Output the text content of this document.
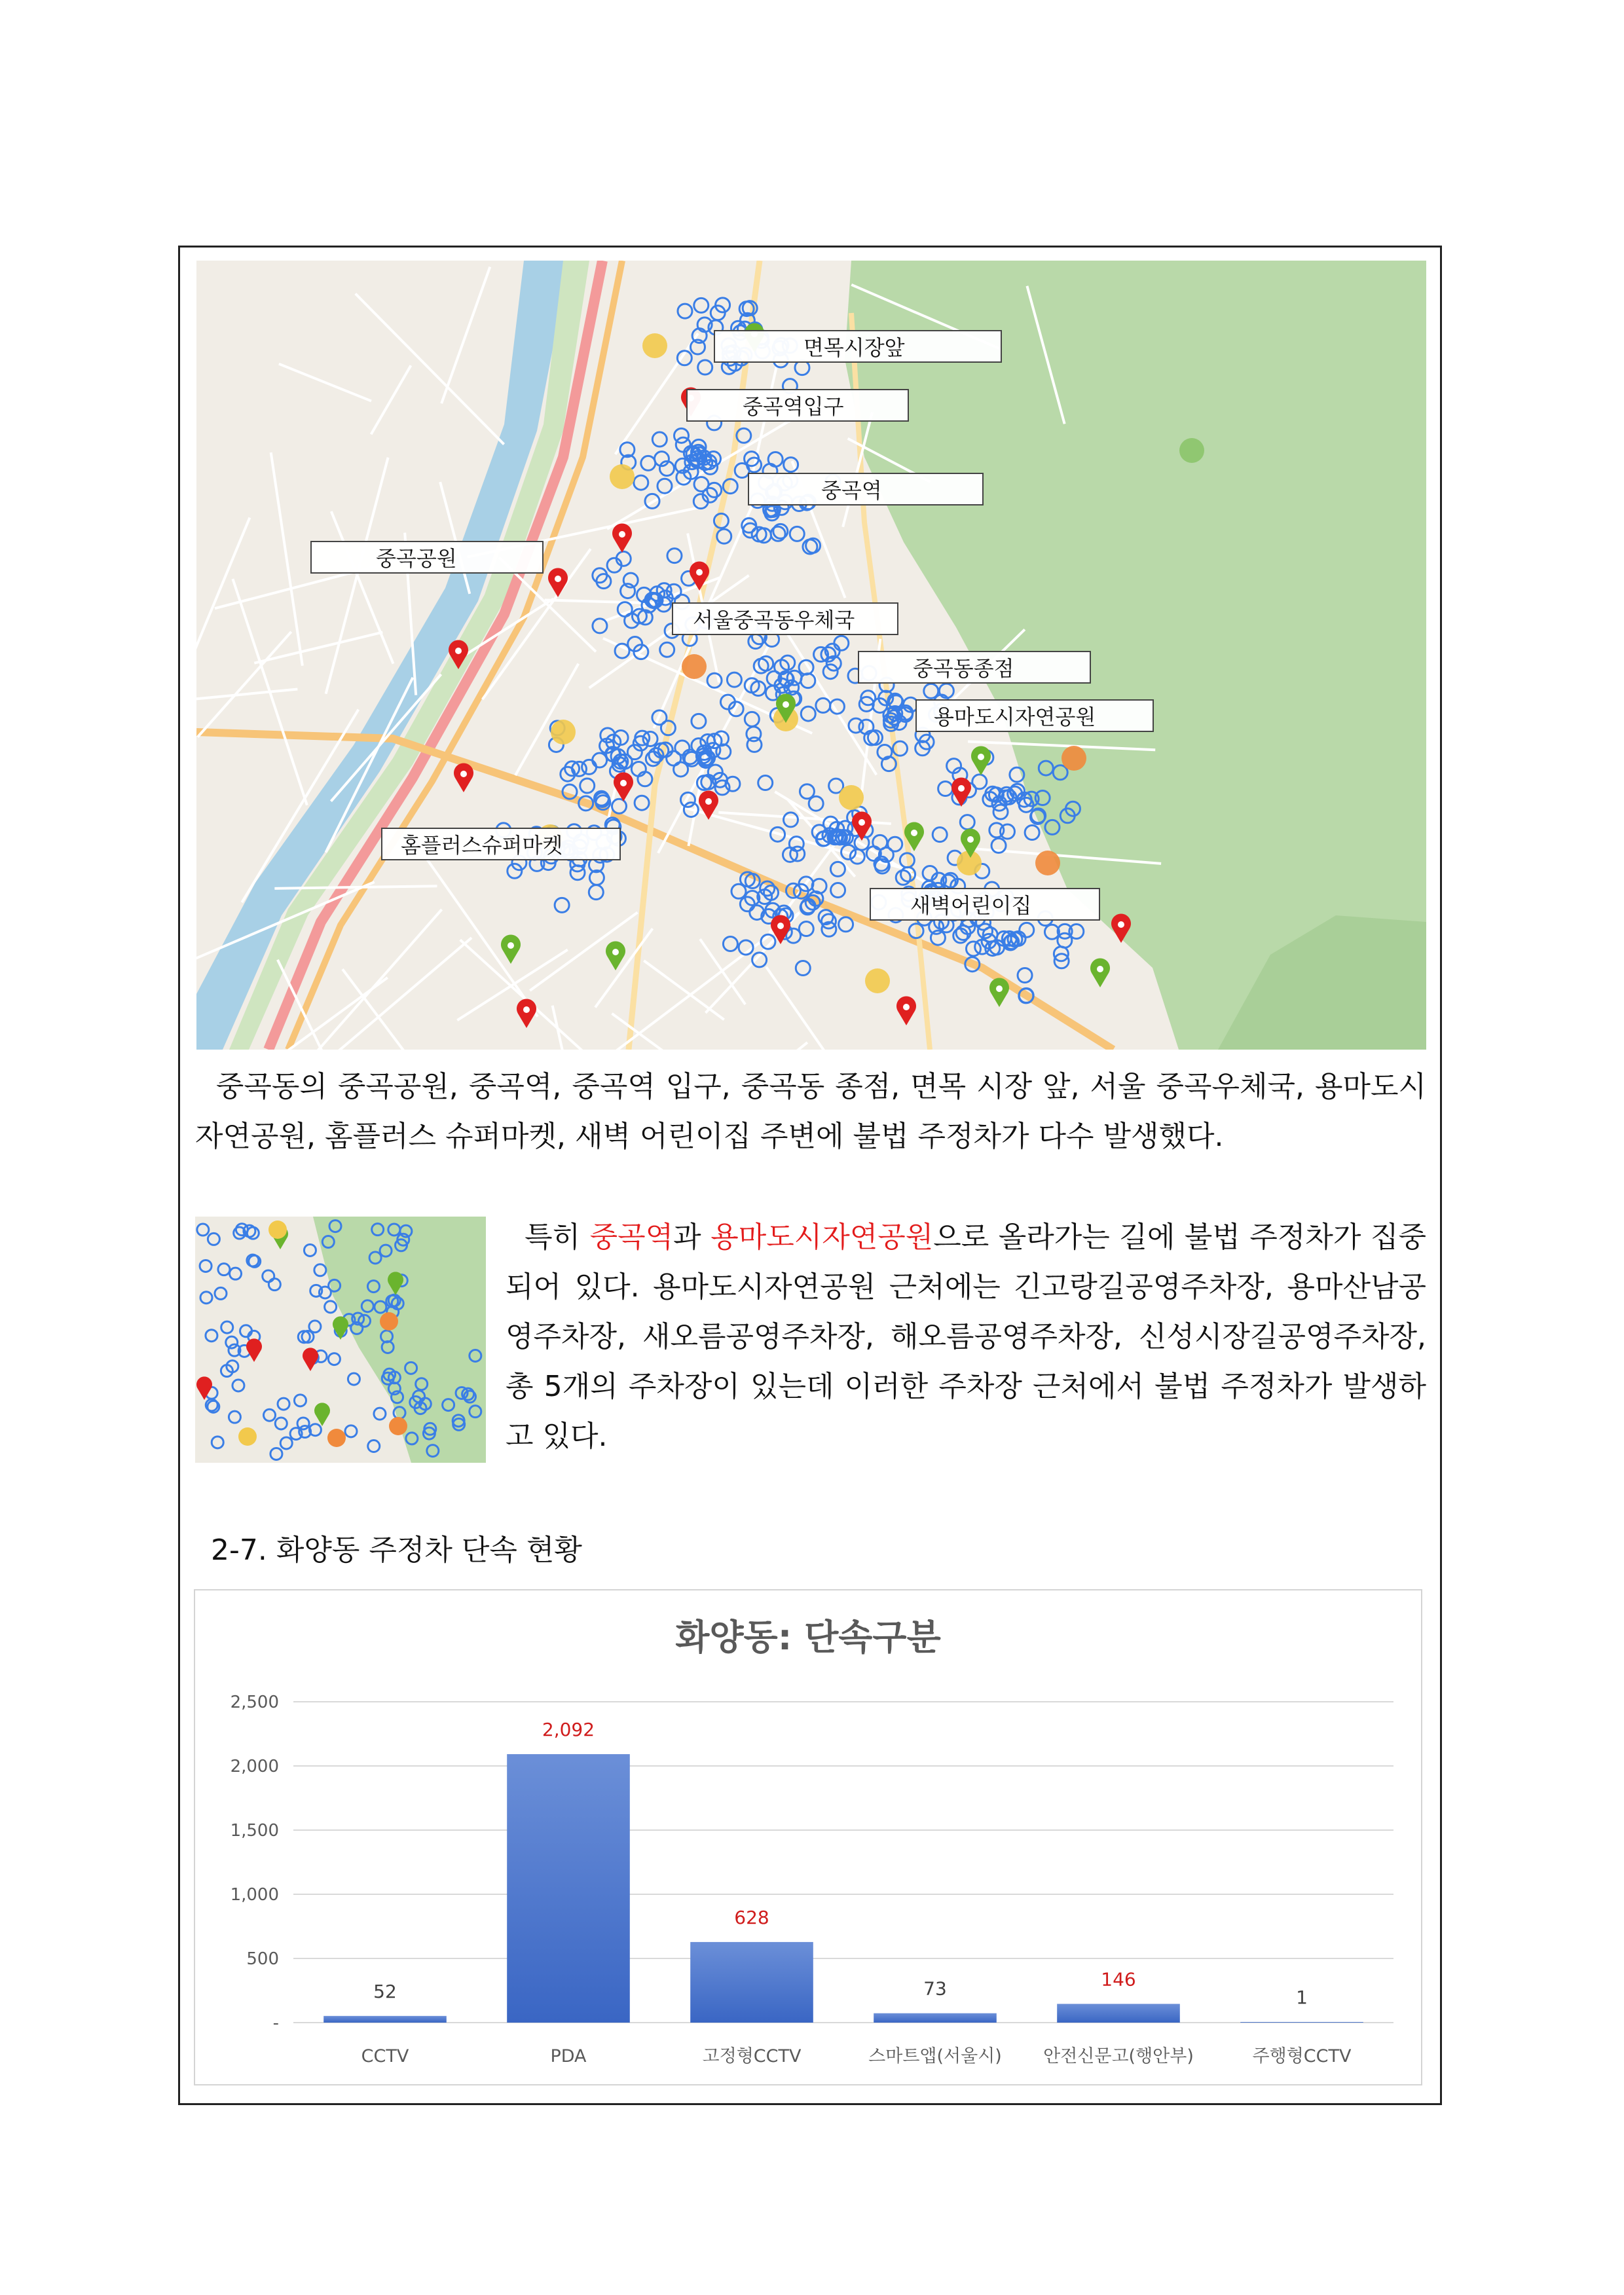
면목시장앞
중곡역입구
중곡역
중곡공원
서울중곡동우체국
중곡동종점
용마도시자연공원
홈플러스슈퍼마켓
새벽어린이집

중곡동의 중곡공원, 중곡역, 중곡역 입구, 중곡동 종점, 면목 시장 앞, 서울 중곡우체국, 용마도시자연공원, 홈플러스 슈퍼마켓, 새벽 어린이집 주변에 불법 주정차가 다수 발생했다.

특히 중곡역과 용마도시자연공원으로 올라가는 길에 불법 주정차가 집중되어 있다. 용마도시자연공원 근처에는 긴고랑길공영주차장, 용마산남공영주차장, 새오름공영주차장, 해오름공영주차장, 신성시장길공영주차장, 총 5개의 주차장이 있는데 이러한 주차장 근처에서 불법 주정차가 발생하고 있다.

2-7. 화양동 주정차 단속 현황
화양동: 단속구분
-
500
1,000
1,500
2,000
2,500
52
2,092
628
73	146
1
CCTV	PDA	고정형CCTV	스마트앱(서울시) 안전신문고(행안부)	주행형CCTV
